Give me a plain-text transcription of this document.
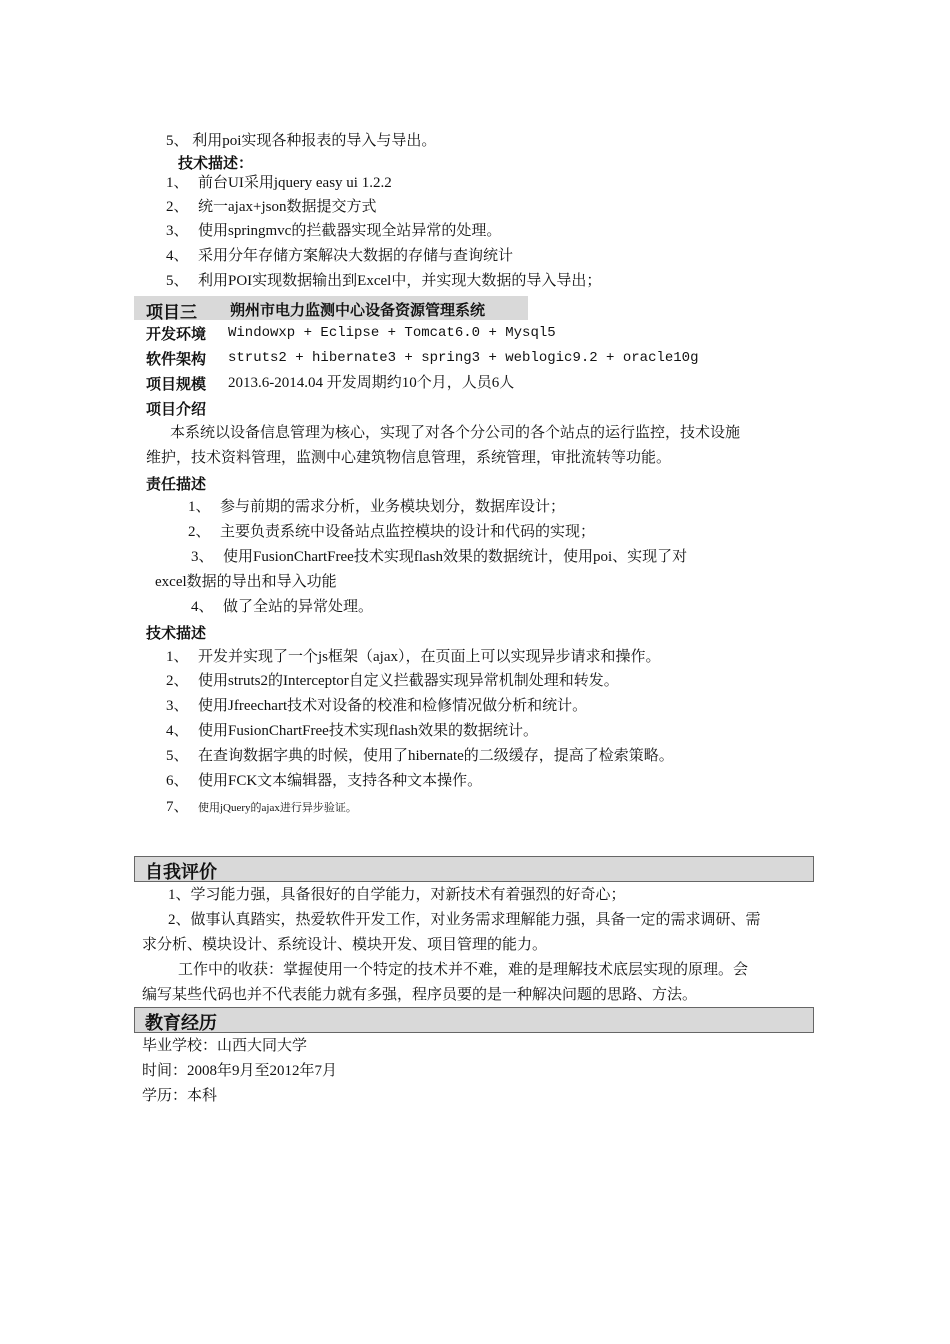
5、 利用poi实现各种报表的导入与导出。
技术描述：
1、 前台UI采用jquery easy ui 1.2.2
2、 统一ajax+json数据提交方式
3、 使用springmvc的拦截器实现全站异常的处理。
4、 采用分年存储方案解决大数据的存储与查询统计
5、 利用POI实现数据输出到Excel中，并实现大数据的导入导出；
项目三 朔州市电力监测中心设备资源管理系统
开发环境 Windowxp + Eclipse + Tomcat6.0 + Mysql5
软件架构 struts2 + hibernate3 + spring3 + weblogic9.2 + oracle10g
项目规模 2013.6-2014.04 开发周期约10个月，人员6人
项目介绍
本系统以设备信息管理为核心，实现了对各个分公司的各个站点的运行监控，技术设施
维护，技术资料管理，监测中心建筑物信息管理，系统管理，审批流转等功能。
责任描述
1、 参与前期的需求分析，业务模块划分，数据库设计；
2、 主要负责系统中设备站点监控模块的设计和代码的实现；
3、 使用FusionChartFree技术实现flash效果的数据统计，使用poi、实现了对
excel数据的导出和导入功能
4、 做了全站的异常处理。
技术描述
1、 开发并实现了一个js框架（ajax），在页面上可以实现异步请求和操作。
2、 使用struts2的Interceptor自定义拦截器实现异常机制处理和转发。
3、 使用Jfreechart技术对设备的校准和检修情况做分析和统计。
4、 使用FusionChartFree技术实现flash效果的数据统计。
5、 在查询数据字典的时候，使用了hibernate的二级缓存，提高了检索策略。
6、 使用FCK文本编辑器，支持各种文本操作。
7、 使用jQuery的ajax进行异步验证。
自我评价
1、学习能力强，具备很好的自学能力，对新技术有着强烈的好奇心；
2、做事认真踏实，热爱软件开发工作，对业务需求理解能力强，具备一定的需求调研、需
求分析、模块设计、系统设计、模块开发、项目管理的能力。
工作中的收获：掌握使用一个特定的技术并不难，难的是理解技术底层实现的原理。会
编写某些代码也并不代表能力就有多强，程序员要的是一种解决问题的思路、方法。
教育经历
毕业学校：山西大同大学
时间：2008年9月至2012年7月
学历：本科
